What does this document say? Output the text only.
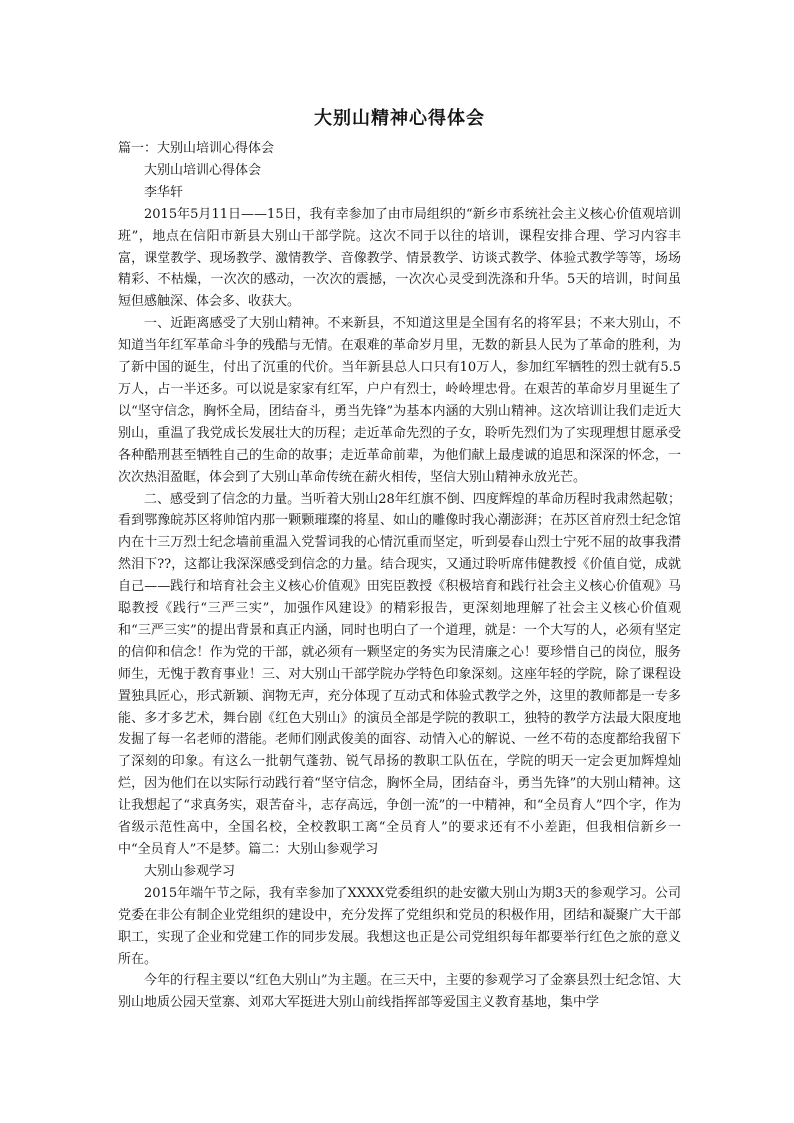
大别山精神心得体会

篇一：大别山培训心得体会

大别山培训心得体会

李华轩

2015年5月11日——15日，我有幸参加了由市局组织的“新乡市系统社会主义核心价值观培训班”，地点在信阳市新县大别山干部学院。这次不同于以往的培训，课程安排合理、学习内容丰富，课堂教学、现场教学、激情教学、音像教学、情景教学、访谈式教学、体验式教学等等，场场精彩、不枯燥，一次次的感动，一次次的震撼，一次次心灵受到洗涤和升华。5天的培训，时间虽短但感触深、体会多、收获大。

一、近距离感受了大别山精神。不来新县，不知道这里是全国有名的将军县；不来大别山，不知道当年红军革命斗争的残酷与无情。在艰难的革命岁月里，无数的新县人民为了革命的胜利，为了新中国的诞生，付出了沉重的代价。当年新县总人口只有10万人，参加红军牺牲的烈士就有5.5万人，占一半还多。可以说是家家有红军，户户有烈士，岭岭埋忠骨。在艰苦的革命岁月里诞生了以“坚守信念，胸怀全局，团结奋斗，勇当先锋”为基本内涵的大别山精神。这次培训让我们走近大别山，重温了我党成长发展壮大的历程；走近革命先烈的子女，聆听先烈们为了实现理想甘愿承受各种酷刑甚至牺牲自己的生命的故事；走近革命前辈，为他们献上最虔诚的追思和深深的怀念，一次次热泪盈眶，体会到了大别山革命传统在薪火相传，坚信大别山精神永放光芒。

二、感受到了信念的力量。当听着大别山28年红旗不倒、四度辉煌的革命历程时我肃然起敬；看到鄂豫皖苏区将帅馆内那一颗颗璀璨的将星、如山的雕像时我心潮澎湃；在苏区首府烈士纪念馆内在十三万烈士纪念墙前重温入党誓词我的心情沉重而坚定，听到晏春山烈士宁死不屈的故事我潸然泪下??，这都让我深深感受到信念的力量。结合现实，又通过聆听席伟健教授《价值自觉，成就自己——践行和培育社会主义核心价值观》田宪臣教授《积极培育和践行社会主义核心价值观》马聪教授《践行“三严三实”，加强作风建设》的精彩报告，更深刻地理解了社会主义核心价值观和“三严三实”的提出背景和真正内涵，同时也明白了一个道理，就是：一个大写的人，必须有坚定的信仰和信念！作为党的干部，就必须有一颗坚定的务实为民清廉之心！要珍惜自己的岗位，服务师生，无愧于教育事业！三、对大别山干部学院办学特色印象深刻。这座年轻的学院，除了课程设置独具匠心，形式新颖、润物无声，充分体现了互动式和体验式教学之外，这里的教师都是一专多能、多才多艺术，舞台剧《红色大别山》的演员全部是学院的教职工，独特的教学方法最大限度地发掘了每一名老师的潜能。老师们刚武俊美的面容、动情入心的解说、一丝不苟的态度都给我留下了深刻的印象。有这么一批朝气蓬勃、锐气昂扬的教职工队伍在，学院的明天一定会更加辉煌灿烂，因为他们在以实际行动践行着“坚守信念，胸怀全局，团结奋斗，勇当先锋”的大别山精神。这让我想起了“求真务实，艰苦奋斗，志存高远，争创一流”的一中精神，和“全员育人”四个字，作为省级示范性高中，全国名校，全校教职工离“全员育人”的要求还有不小差距，但我相信新乡一中“全员育人”不是梦。篇二：大别山参观学习

大别山参观学习

2015年端午节之际，我有幸参加了XXXX党委组织的赴安徽大别山为期3天的参观学习。公司党委在非公有制企业党组织的建设中，充分发挥了党组织和党员的积极作用，团结和凝聚广大干部职工，实现了企业和党建工作的同步发展。我想这也正是公司党组织每年都要举行红色之旅的意义所在。

今年的行程主要以“红色大别山”为主题。在三天中，主要的参观学习了金寨县烈士纪念馆、大别山地质公园天堂寨、刘邓大军挺进大别山前线指挥部等爱国主义教育基地，集中学
